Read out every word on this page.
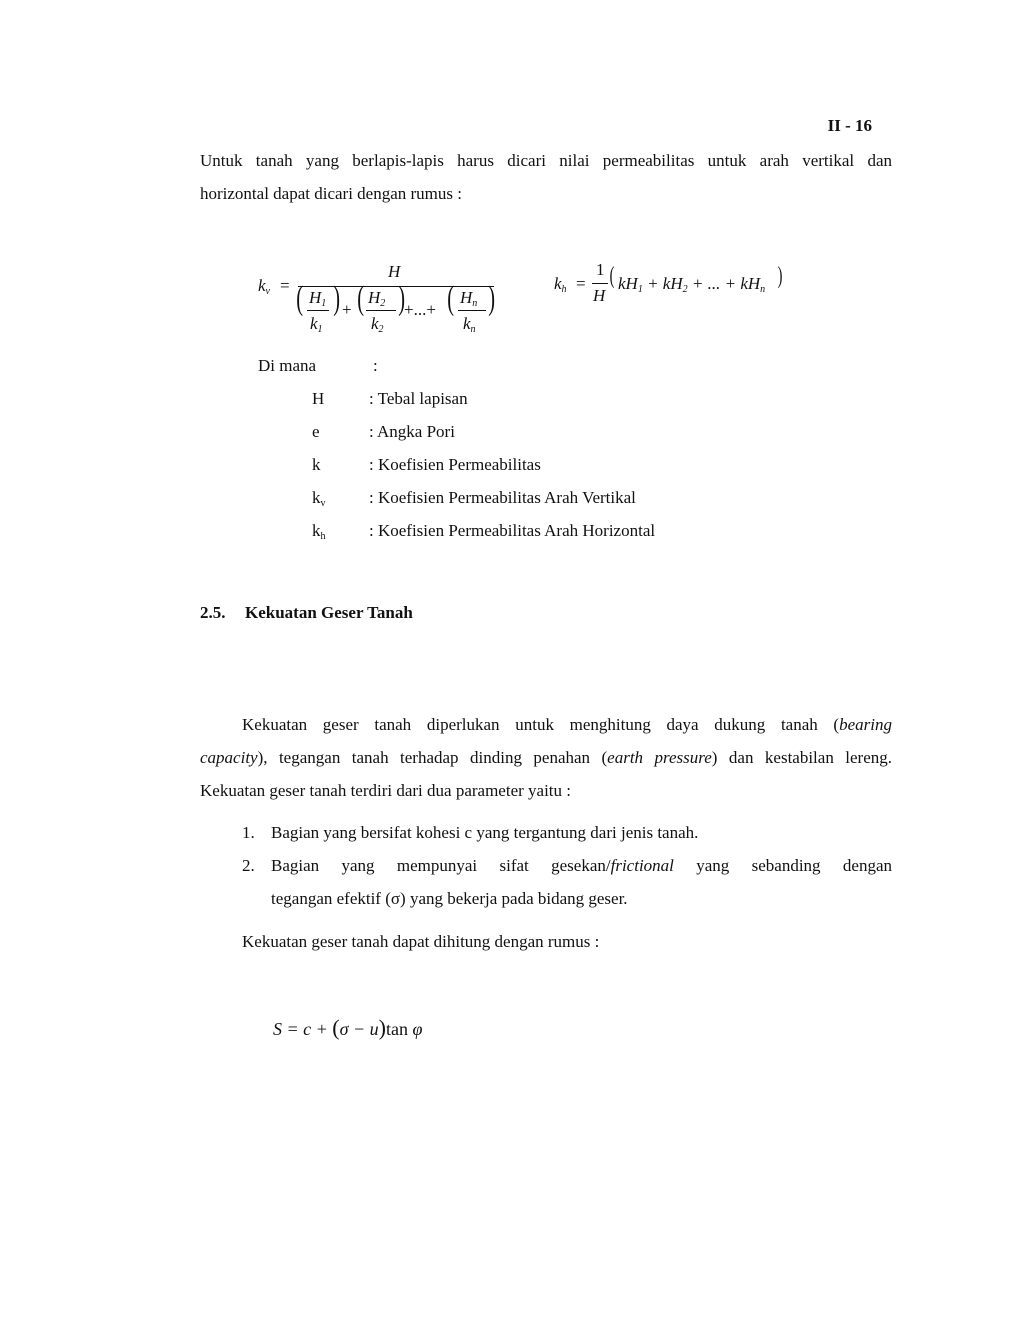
II - 16
Untuk tanah yang berlapis-lapis harus dicari nilai permeabilitas untuk arah vertikal dan
horizontal dapat dicari dengan rumus :
$k_v$ =
H
( $H_1$
$k_1$
) + ( $H_2$
$k_2$
)
+...+ ( $H_n$
$k_n$
)	$k_h$ =
1
H
( $kH_1 + kH_2$ + ... + $kH_n$
)
Di mana	:
H	: Tebal lapisan
e	: Angka Pori
k	: Koefisien Permeabilitas
$k_v$	: Koefisien Permeabilitas Arah Vertikal
$k_h$	: Koefisien Permeabilitas Arah Horizontal
2.5. Kekuatan Geser Tanah
Kekuatan geser tanah diperlukan untuk menghitung daya dukung tanah (bearing
capacity), tegangan tanah terhadap dinding penahan (earth pressure) dan kestabilan lereng.
Kekuatan geser tanah terdiri dari dua parameter yaitu :
1. Bagian yang bersifat kohesi c yang tergantung dari jenis tanah.
2. Bagian yang mempunyai sifat gesekan/frictional yang sebanding dengan
tegangan efektif (σ) yang bekerja pada bidang geser.
Kekuatan geser tanah dapat dihitung dengan rumus :
S = c + (σ − u)tan φ
